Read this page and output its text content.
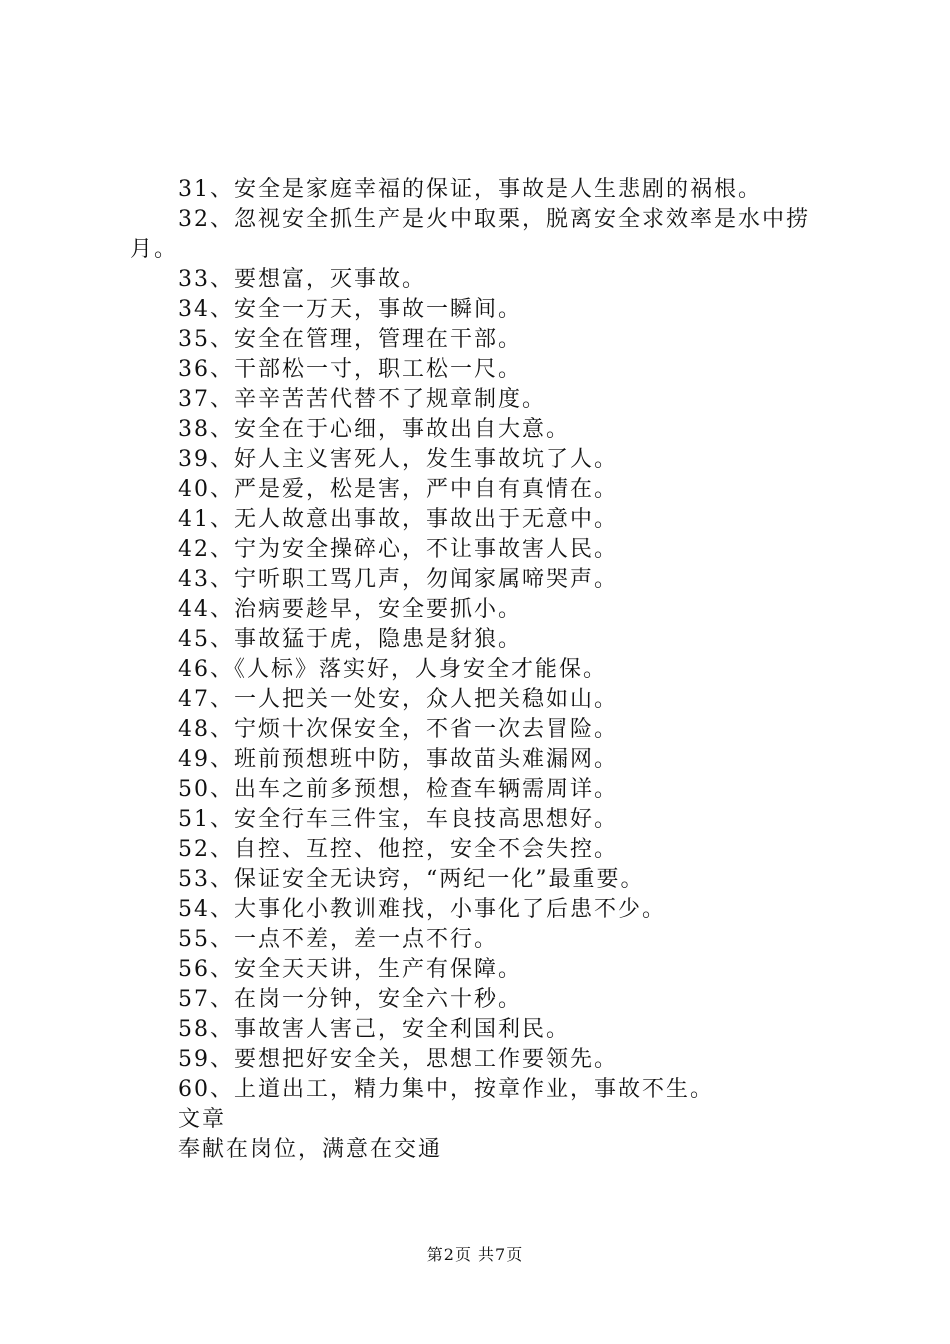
31、安全是家庭幸福的保证，事故是人生悲剧的祸根。

32、忽视安全抓生产是火中取栗，脱离安全求效率是水中捞月。

33、要想富，灭事故。

34、安全一万天，事故一瞬间。

35、安全在管理，管理在干部。

36、干部松一寸，职工松一尺。

37、辛辛苦苦代替不了规章制度。

38、安全在于心细，事故出自大意。

39、好人主义害死人，发生事故坑了人。

40、严是爱，松是害，严中自有真情在。

41、无人故意出事故，事故出于无意中。

42、宁为安全操碎心，不让事故害人民。

43、宁听职工骂几声，勿闻家属啼哭声。

44、治病要趁早，安全要抓小。

45、事故猛于虎，隐患是豺狼。

46、《人标》落实好，人身安全才能保。

47、一人把关一处安，众人把关稳如山。

48、宁烦十次保安全，不省一次去冒险。

49、班前预想班中防，事故苗头难漏网。

50、出车之前多预想，检查车辆需周详。

51、安全行车三件宝，车良技高思想好。

52、自控、互控、他控，安全不会失控。

53、保证安全无诀窍，“两纪一化”最重要。

54、大事化小教训难找，小事化了后患不少。

55、一点不差，差一点不行。

56、安全天天讲，生产有保障。

57、在岗一分钟，安全六十秒。

58、事故害人害己，安全利国利民。

59、要想把好安全关，思想工作要领先。

60、上道出工，精力集中，按章作业，事故不生。

文章

奉献在岗位，满意在交通

第2页 共7页
